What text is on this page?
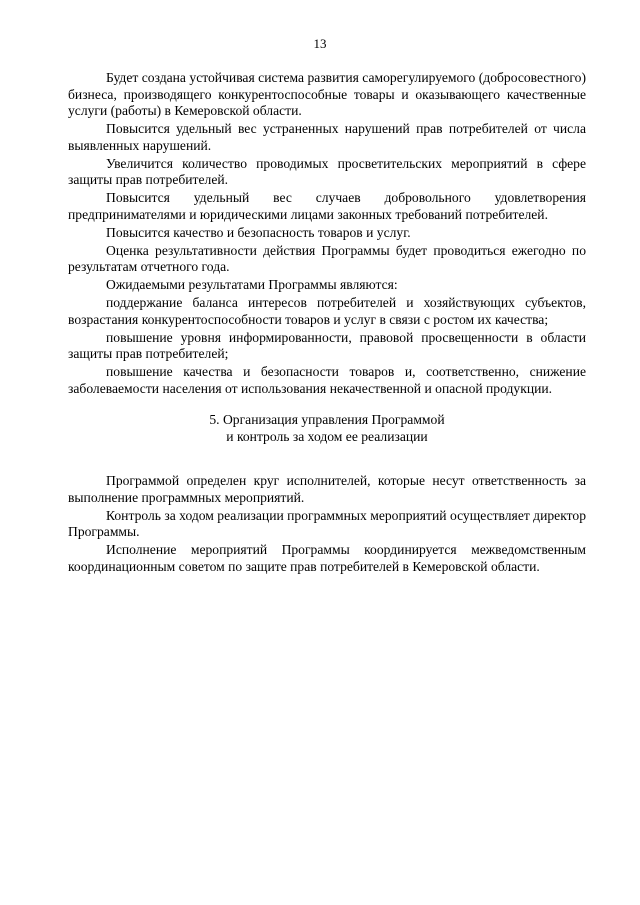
13

Будет создана устойчивая система развития саморегулируемого (добросовестного) бизнеса, производящего конкурентоспособные товары и оказывающего качественные услуги (работы) в Кемеровской области.

Повысится удельный вес устраненных нарушений прав потребителей от числа выявленных нарушений.

Увеличится количество проводимых просветительских мероприятий в сфере защиты прав потребителей.

Повысится удельный вес случаев добровольного удовлетворения предпринимателями и юридическими лицами законных требований потребителей.

Повысится качество и безопасность товаров и услуг.

Оценка результативности действия Программы будет проводиться ежегодно по результатам отчетного года.

Ожидаемыми результатами Программы являются:

поддержание баланса интересов потребителей и хозяйствующих субъектов, возрастания конкурентоспособности товаров и услуг в связи с ростом их качества;

повышение уровня информированности, правовой просвещенности в области защиты прав потребителей;

повышение качества и безопасности товаров и, соответственно, снижение заболеваемости населения от использования некачественной и опасной продукции.

5. Организация управления Программой
и контроль за ходом ее реализации

Программой определен круг исполнителей, которые несут ответственность за выполнение программных мероприятий.

Контроль за ходом реализации программных мероприятий осуществляет директор Программы.

Исполнение мероприятий Программы координируется межведомственным координационным советом по защите прав потребителей в Кемеровской области.
